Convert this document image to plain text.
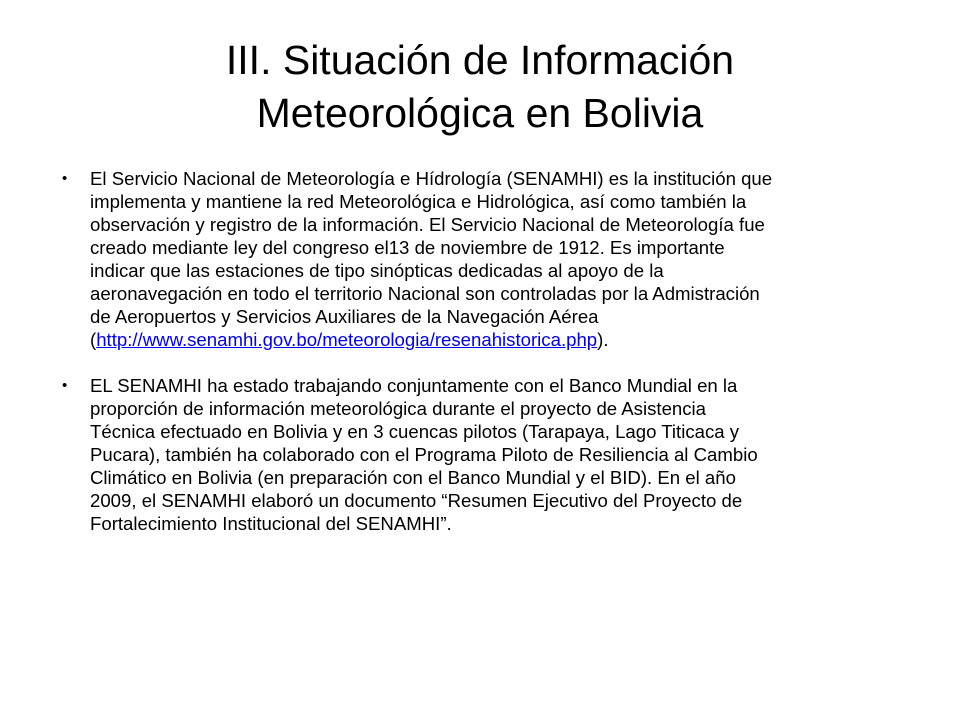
III. Situación de Información
Meteorológica en Bolivia
• El Servicio Nacional de Meteorología e Hídrología (SENAMHI) es la institución que
implementa y mantiene la red Meteorológica e Hidrológica, así como también la
observación y registro de la información. El Servicio Nacional de Meteorología fue
creado mediante ley del congreso el13 de noviembre de 1912. Es importante
indicar que las estaciones de tipo sinópticas dedicadas al apoyo de la
aeronavegación en todo el territorio Nacional son controladas por la Admistración
de Aeropuertos y Servicios Auxiliares de la Navegación Aérea
(http://www.senamhi.gov.bo/meteorologia/resenahistorica.php).
• EL SENAMHI ha estado trabajando conjuntamente con el Banco Mundial en la
proporción de información meteorológica durante el proyecto de Asistencia
Técnica efectuado en Bolivia y en 3 cuencas pilotos (Tarapaya, Lago Titicaca y
Pucara), también ha colaborado con el Programa Piloto de Resiliencia al Cambio
Climático en Bolivia (en preparación con el Banco Mundial y el BID). En el año
2009, el SENAMHI elaboró un documento “Resumen Ejecutivo del Proyecto de
Fortalecimiento Institucional del SENAMHI”.
